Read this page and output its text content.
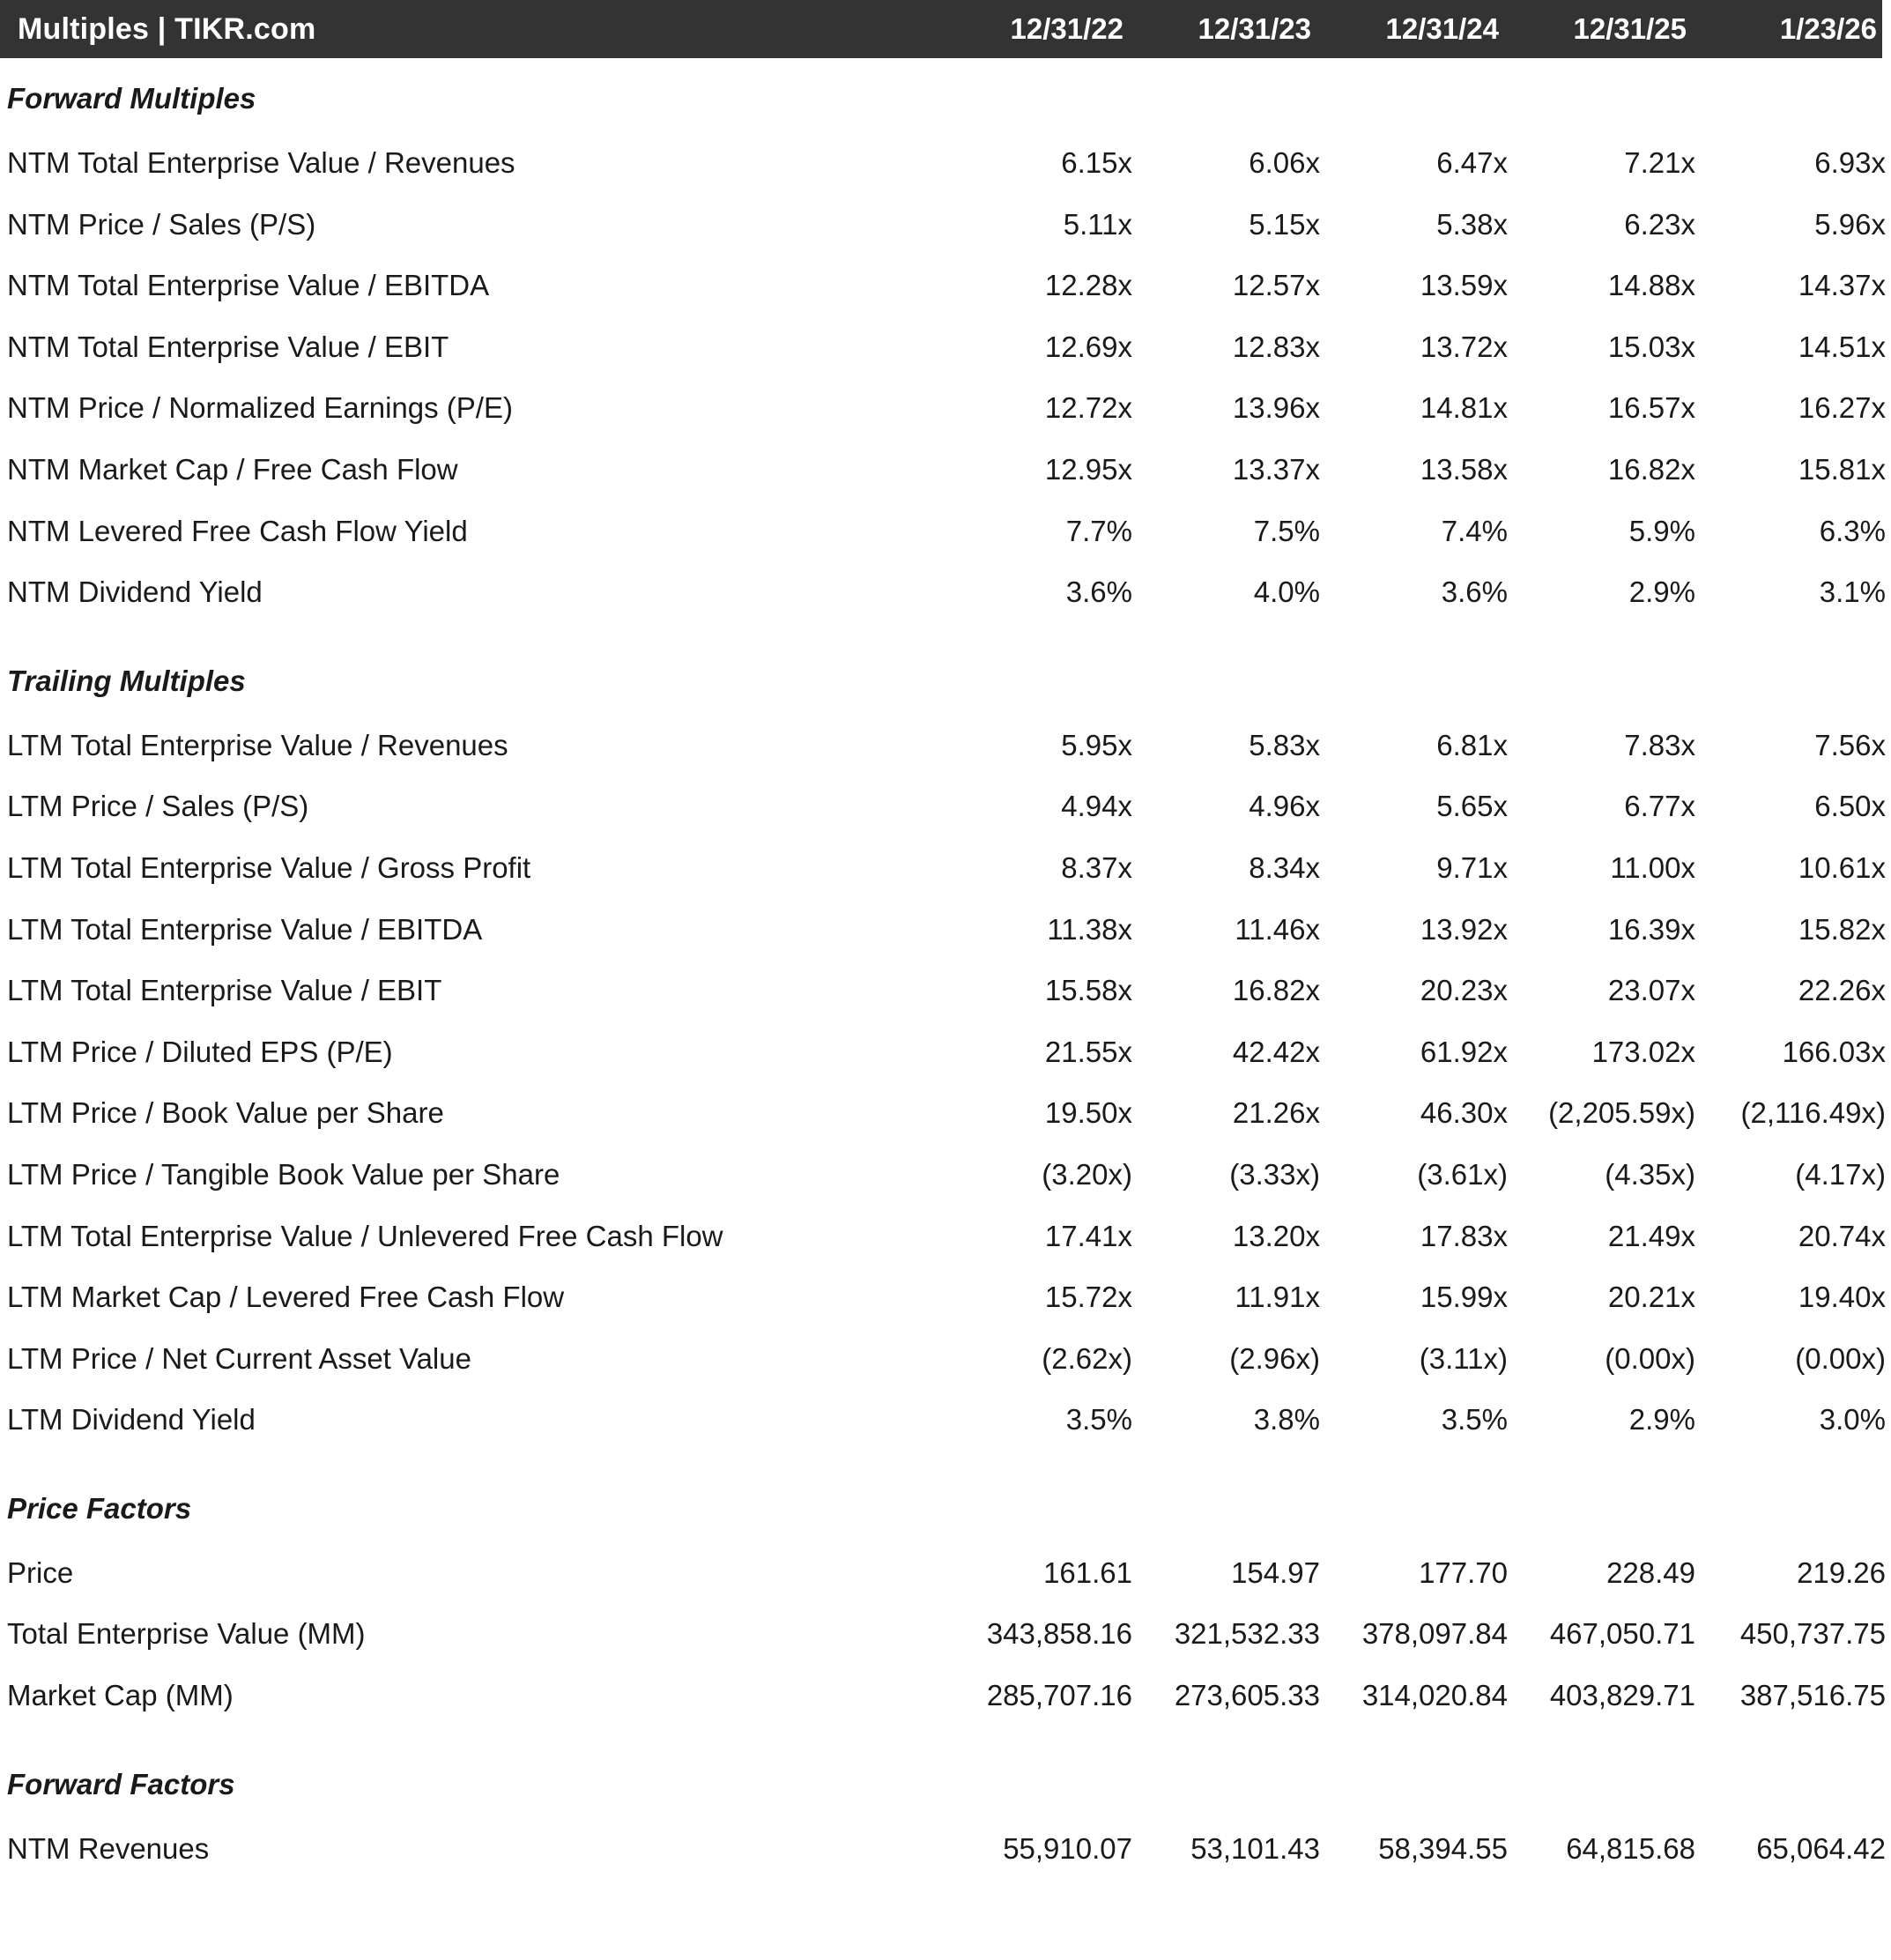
Multiples | TIKR.com	12/31/22	12/31/23	12/31/24	12/31/25	1/23/26
Forward Multiples
NTM Total Enterprise Value / Revenues	6.15x	6.06x	6.47x	7.21x	6.93x
NTM Price / Sales (P/S)	5.11x	5.15x	5.38x	6.23x	5.96x
NTM Total Enterprise Value / EBITDA	12.28x	12.57x	13.59x	14.88x	14.37x
NTM Total Enterprise Value / EBIT	12.69x	12.83x	13.72x	15.03x	14.51x
NTM Price / Normalized Earnings (P/E)	12.72x	13.96x	14.81x	16.57x	16.27x
NTM Market Cap / Free Cash Flow	12.95x	13.37x	13.58x	16.82x	15.81x
NTM Levered Free Cash Flow Yield	7.7%	7.5%	7.4%	5.9%	6.3%
NTM Dividend Yield	3.6%	4.0%	3.6%	2.9%	3.1%
Trailing Multiples
LTM Total Enterprise Value / Revenues	5.95x	5.83x	6.81x	7.83x	7.56x
LTM Price / Sales (P/S)	4.94x	4.96x	5.65x	6.77x	6.50x
LTM Total Enterprise Value / Gross Profit	8.37x	8.34x	9.71x	11.00x	10.61x
LTM Total Enterprise Value / EBITDA	11.38x	11.46x	13.92x	16.39x	15.82x
LTM Total Enterprise Value / EBIT	15.58x	16.82x	20.23x	23.07x	22.26x
LTM Price / Diluted EPS (P/E)	21.55x	42.42x	61.92x	173.02x	166.03x
LTM Price / Book Value per Share	19.50x	21.26x	46.30x	(2,205.59x)	(2,116.49x)
LTM Price / Tangible Book Value per Share	(3.20x)	(3.33x)	(3.61x)	(4.35x)	(4.17x)
LTM Total Enterprise Value / Unlevered Free Cash Flow	17.41x	13.20x	17.83x	21.49x	20.74x
LTM Market Cap / Levered Free Cash Flow	15.72x	11.91x	15.99x	20.21x	19.40x
LTM Price / Net Current Asset Value	(2.62x)	(2.96x)	(3.11x)	(0.00x)	(0.00x)
LTM Dividend Yield	3.5%	3.8%	3.5%	2.9%	3.0%
Price Factors
Price	161.61	154.97	177.70	228.49	219.26
Total Enterprise Value (MM)	343,858.16	321,532.33	378,097.84	467,050.71	450,737.75
Market Cap (MM)	285,707.16	273,605.33	314,020.84	403,829.71	387,516.75
Forward Factors
NTM Revenues	55,910.07	53,101.43	58,394.55	64,815.68	65,064.42
